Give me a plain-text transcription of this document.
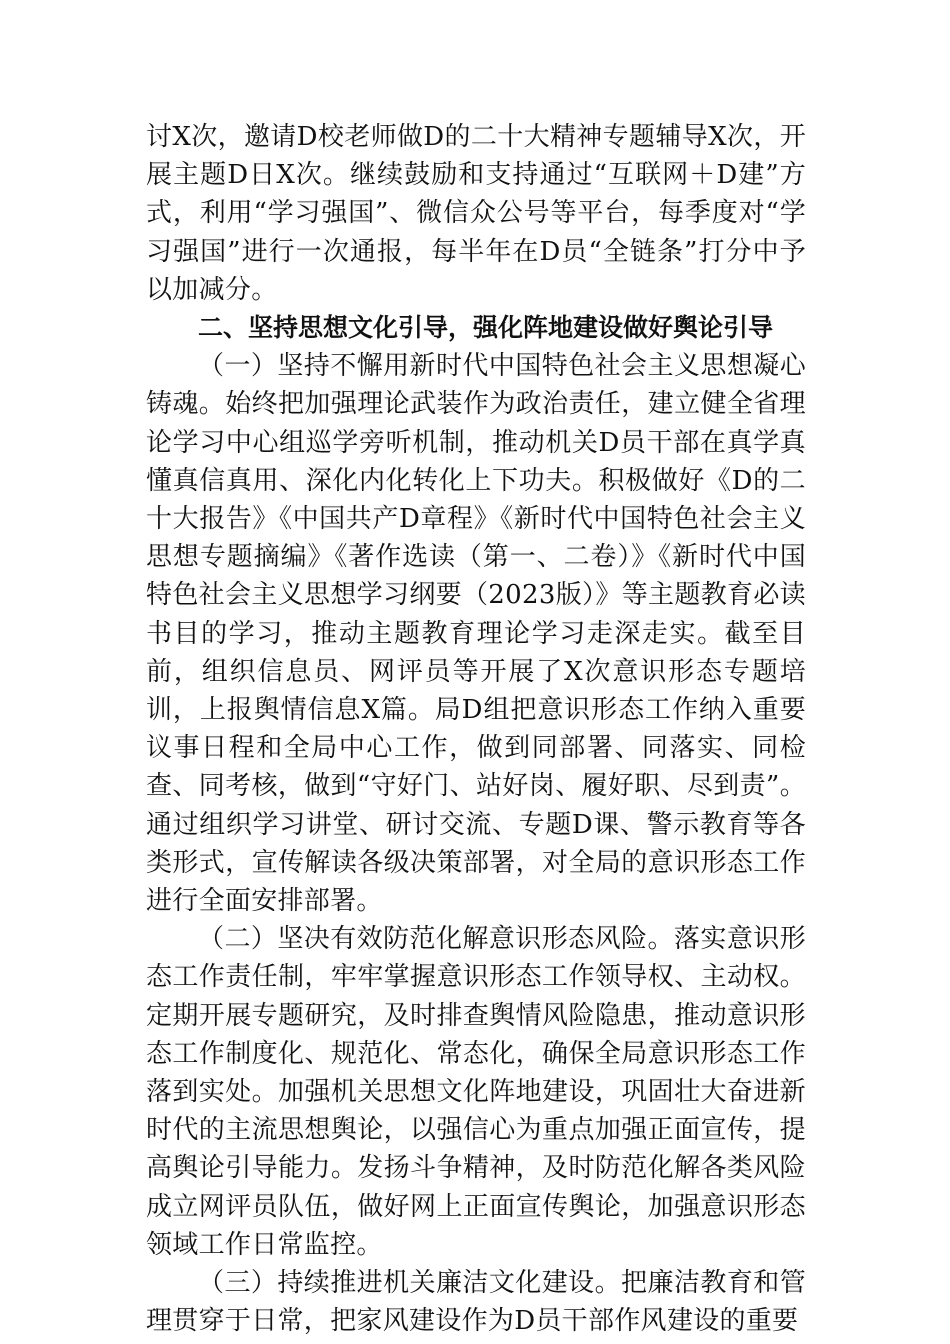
讨X次，邀请D校老师做D的二十大精神专题辅导X次，开展主题D日X次。继续鼓励和支持通过“互联网＋D建”方式，利用“学习强国”、微信众公号等平台，每季度对“学习强国”进行一次通报，每半年在D员“全链条”打分中予以加减分。

二、坚持思想文化引导，强化阵地建设做好舆论引导

（一）坚持不懈用新时代中国特色社会主义思想凝心铸魂。始终把加强理论武装作为政治责任，建立健全省理论学习中心组巡学旁听机制，推动机关D员干部在真学真懂真信真用、深化内化转化上下功夫。积极做好《D的二十大报告》《中国共产D章程》《新时代中国特色社会主义思想专题摘编》《著作选读（第一、二卷）》《新时代中国特色社会主义思想学习纲要（2023版）》等主题教育必读书目的学习，推动主题教育理论学习走深走实。截至目前，组织信息员、网评员等开展了X次意识形态专题培训，上报舆情信息X篇。局D组把意识形态工作纳入重要议事日程和全局中心工作，做到同部署、同落实、同检查、同考核，做到“守好门、站好岗、履好职、尽到责”。通过组织学习讲堂、研讨交流、专题D课、警示教育等各类形式，宣传解读各级决策部署，对全局的意识形态工作进行全面安排部署。

（二）坚决有效防范化解意识形态风险。落实意识形态工作责任制，牢牢掌握意识形态工作领导权、主动权。定期开展专题研究，及时排查舆情风险隐患，推动意识形态工作制度化、规范化、常态化，确保全局意识形态工作落到实处。加强机关思想文化阵地建设，巩固壮大奋进新时代的主流思想舆论，以强信心为重点加强正面宣传，提高舆论引导能力。发扬斗争精神，及时防范化解各类风险成立网评员队伍，做好网上正面宣传舆论，加强意识形态领域工作日常监控。

（三）持续推进机关廉洁文化建设。把廉洁教育和管理贯穿于日常，把家风建设作为D员干部作风建设的重要
